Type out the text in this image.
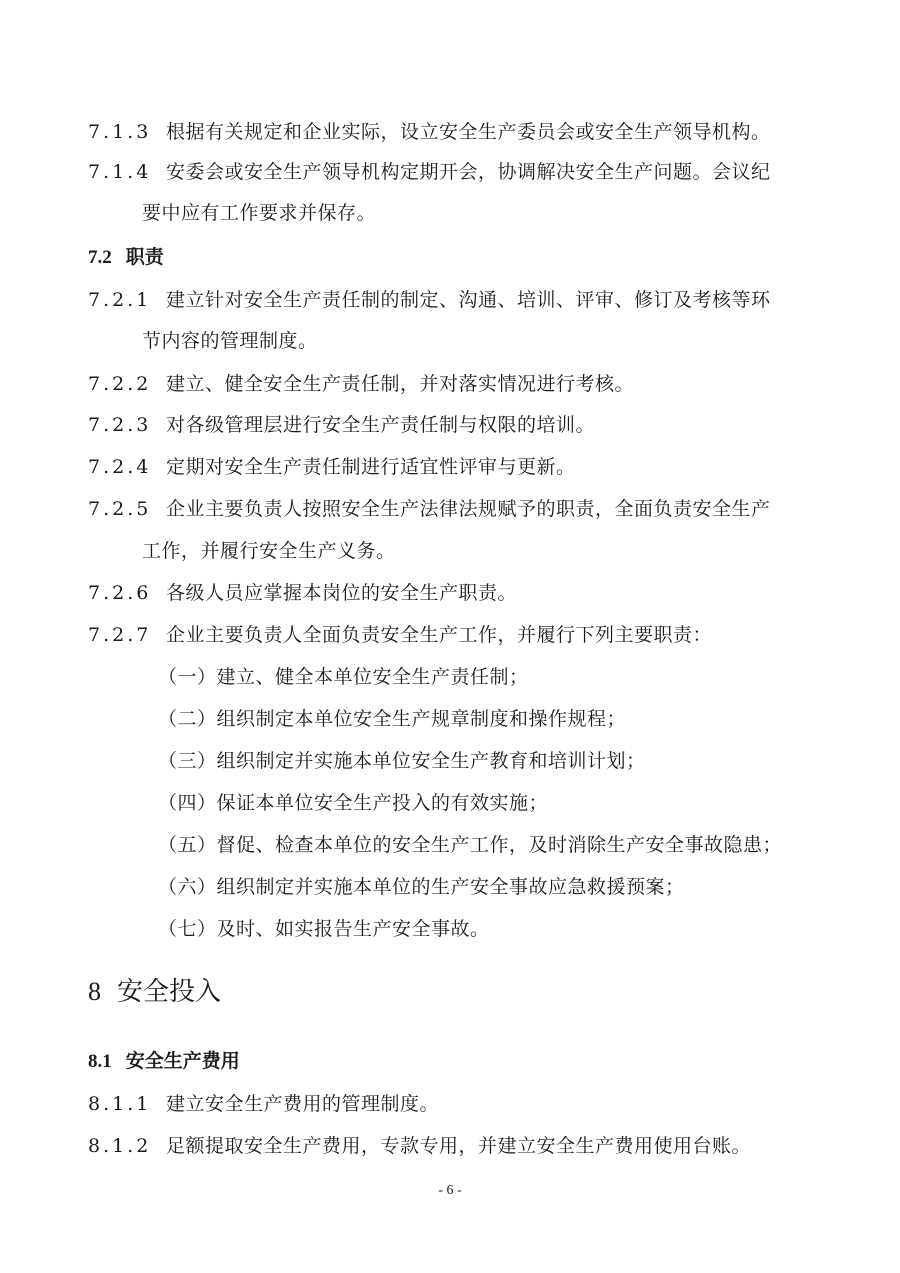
7.1.3 根据有关规定和企业实际，设立安全生产委员会或安全生产领导机构。
7.1.4 安委会或安全生产领导机构定期开会，协调解决安全生产问题。会议纪
要中应有工作要求并保存。
7.2 职责
7.2.1 建立针对安全生产责任制的制定、沟通、培训、评审、修订及考核等环
节内容的管理制度。
7.2.2 建立、健全安全生产责任制，并对落实情况进行考核。
7.2.3 对各级管理层进行安全生产责任制与权限的培训。
7.2.4 定期对安全生产责任制进行适宜性评审与更新。
7.2.5 企业主要负责人按照安全生产法律法规赋予的职责，全面负责安全生产
工作，并履行安全生产义务。
7.2.6 各级人员应掌握本岗位的安全生产职责。
7.2.7 企业主要负责人全面负责安全生产工作，并履行下列主要职责：
（一）建立、健全本单位安全生产责任制；
（二）组织制定本单位安全生产规章制度和操作规程；
（三）组织制定并实施本单位安全生产教育和培训计划；
（四）保证本单位安全生产投入的有效实施；
（五）督促、检查本单位的安全生产工作，及时消除生产安全事故隐患；
（六）组织制定并实施本单位的生产安全事故应急救援预案；
（七）及时、如实报告生产安全事故。
8 安全投入
8.1 安全生产费用
8.1.1 建立安全生产费用的管理制度。
8.1.2 足额提取安全生产费用，专款专用，并建立安全生产费用使用台账。
- 6 -
